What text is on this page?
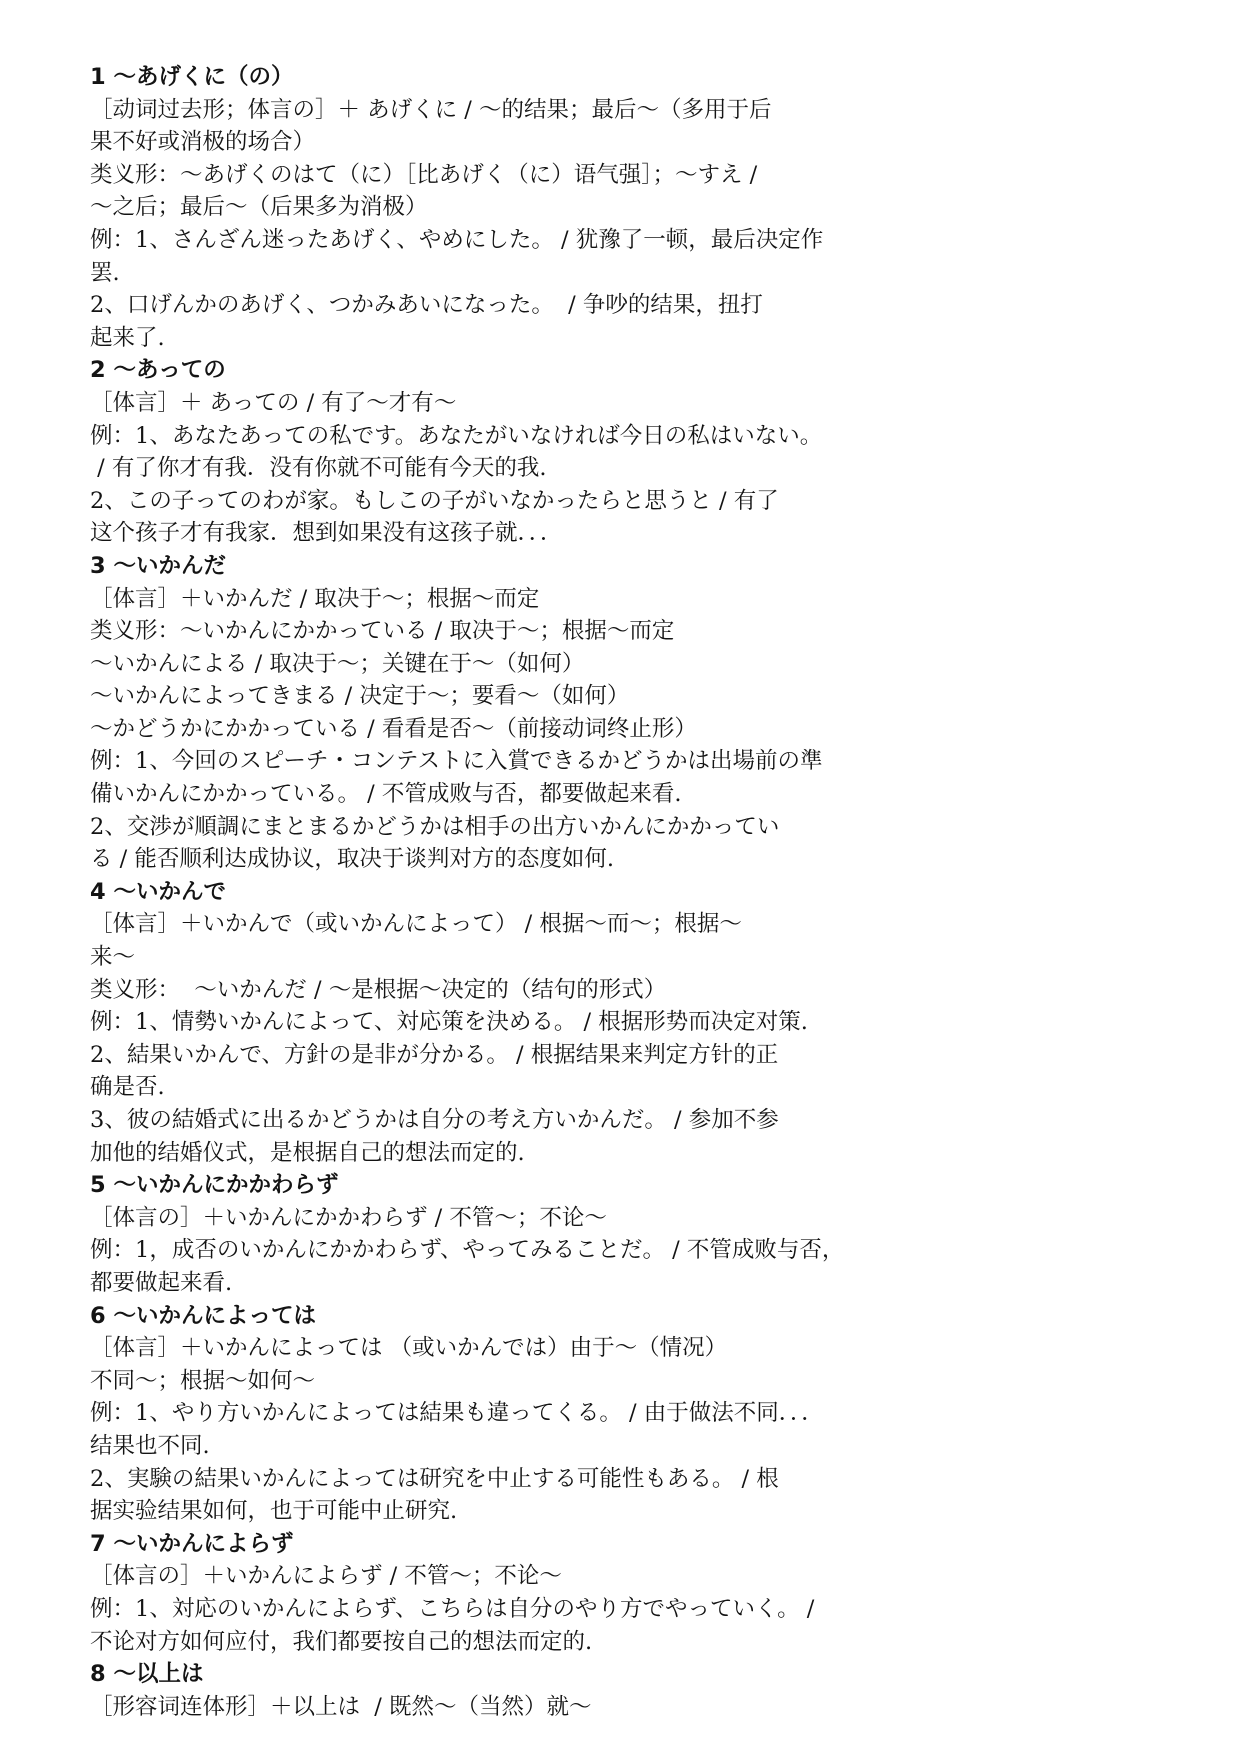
1 ～あげくに（の）
［动词过去形；体言の］＋ あげくに / ～的结果；最后～（多用于后
果不好或消极的场合）
类义形：～あげくのはて（に）［比あげく（に）语气强］；～すえ /
～之后；最后～（后果多为消极）
例：1、さんざん迷ったあげく、やめにした。 / 犹豫了一顿，最后决定作
罢.
2、口げんかのあげく、つかみあいになった。  / 争吵的结果，扭打
起来了.
2 ～あっての
［体言］＋ あっての / 有了～才有～
例：1、あなたあっての私です。あなたがいなければ今日の私はいない。
/ 有了你才有我．没有你就不可能有今天的我.
2、この子ってのわが家。もしこの子がいなかったらと思うと / 有了
这个孩子才有我家．想到如果没有这孩子就．．．
3 ～いかんだ
［体言］＋いかんだ / 取决于～；根据～而定
类义形：～いかんにかかっている / 取决于～；根据～而定
～いかんによる / 取决于～；关键在于～（如何）
～いかんによってきまる / 决定于～；要看～（如何）
～かどうかにかかっている / 看看是否～（前接动词终止形）
例：1、今回のスピーチ・コンテストに入賞できるかどうかは出場前の準
備いかんにかかっている。 / 不管成败与否，都要做起来看.
2、交渉が順調にまとまるかどうかは相手の出方いかんにかかってい
る / 能否顺利达成协议，取决于谈判对方的态度如何.
4 ～いかんで
［体言］＋いかんで（或いかんによって） / 根据～而～；根据～
来～
类义形：  ～いかんだ / ～是根据～决定的（结句的形式）
例：1、情勢いかんによって、対応策を決める。 / 根据形势而决定对策.
2、結果いかんで、方針の是非が分かる。 / 根据结果来判定方针的正
确是否.
3、彼の結婚式に出るかどうかは自分の考え方いかんだ。 / 参加不参
加他的结婚仪式，是根据自己的想法而定的.
5 ～いかんにかかわらず
［体言の］＋いかんにかかわらず / 不管～；不论～
例：1，成否のいかんにかかわらず、やってみることだ。 / 不管成败与否，
都要做起来看.
6 ～いかんによっては
［体言］＋いかんによっては （或いかんでは）由于～（情况）
不同～；根据～如何～
例：1、やり方いかんによっては結果も違ってくる。 / 由于做法不同．．．
结果也不同.
2、実験の結果いかんによっては研究を中止する可能性もある。 / 根
据实验结果如何，也于可能中止研究.
7 ～いかんによらず
［体言の］＋いかんによらず / 不管～；不论～
例：1、対応のいかんによらず、こちらは自分のやり方でやっていく。 /
不论对方如何应付，我们都要按自己的想法而定的.
8 ～以上は
［形容词连体形］＋以上は  / 既然～（当然）就～
